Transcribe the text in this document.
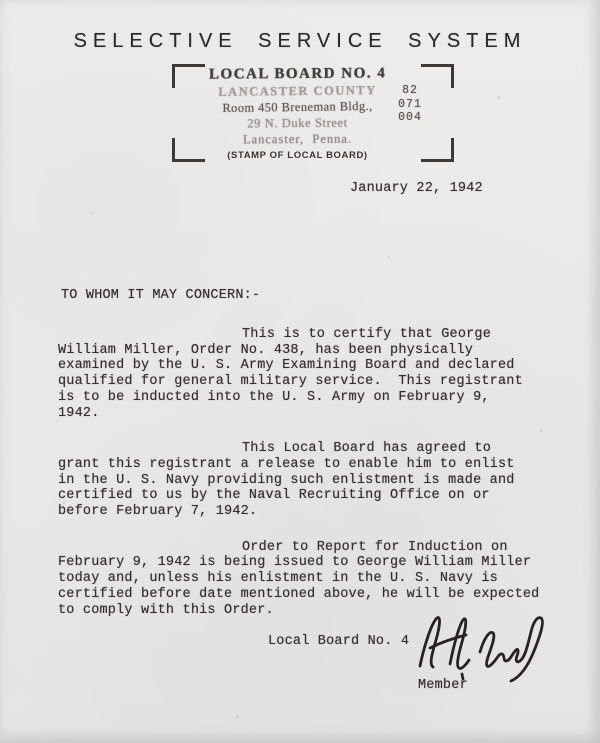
SELECTIVE SERVICE SYSTEM
LOCAL BOARD NO. 4
LANCASTER COUNTY
Room 450 Breneman Bldg.,
29 N. Duke Street
Lancaster,  Penna.
(STAMP OF LOCAL BOARD)
82
071
004
January 22, 1942
TO WHOM IT MAY CONCERN:-
This is to certify that George
William Miller, Order No. 438, has been physically
examined by the U. S. Army Examining Board and declared
qualified for general military service.  This registrant
is to be inducted into the U. S. Army on February 9,
1942.
This Local Board has agreed to
grant this registrant a release to enable him to enlist
in the U. S. Navy providing such enlistment is made and
certified to us by the Naval Recruiting Office on or
before February 7, 1942.
Order to Report for Induction on
February 9, 1942 is being issued to George William Miller
today and, unless his enlistment in the U. S. Navy is
certified before date mentioned above, he will be expected
to comply with this Order.
Local Board No. 4
Member
